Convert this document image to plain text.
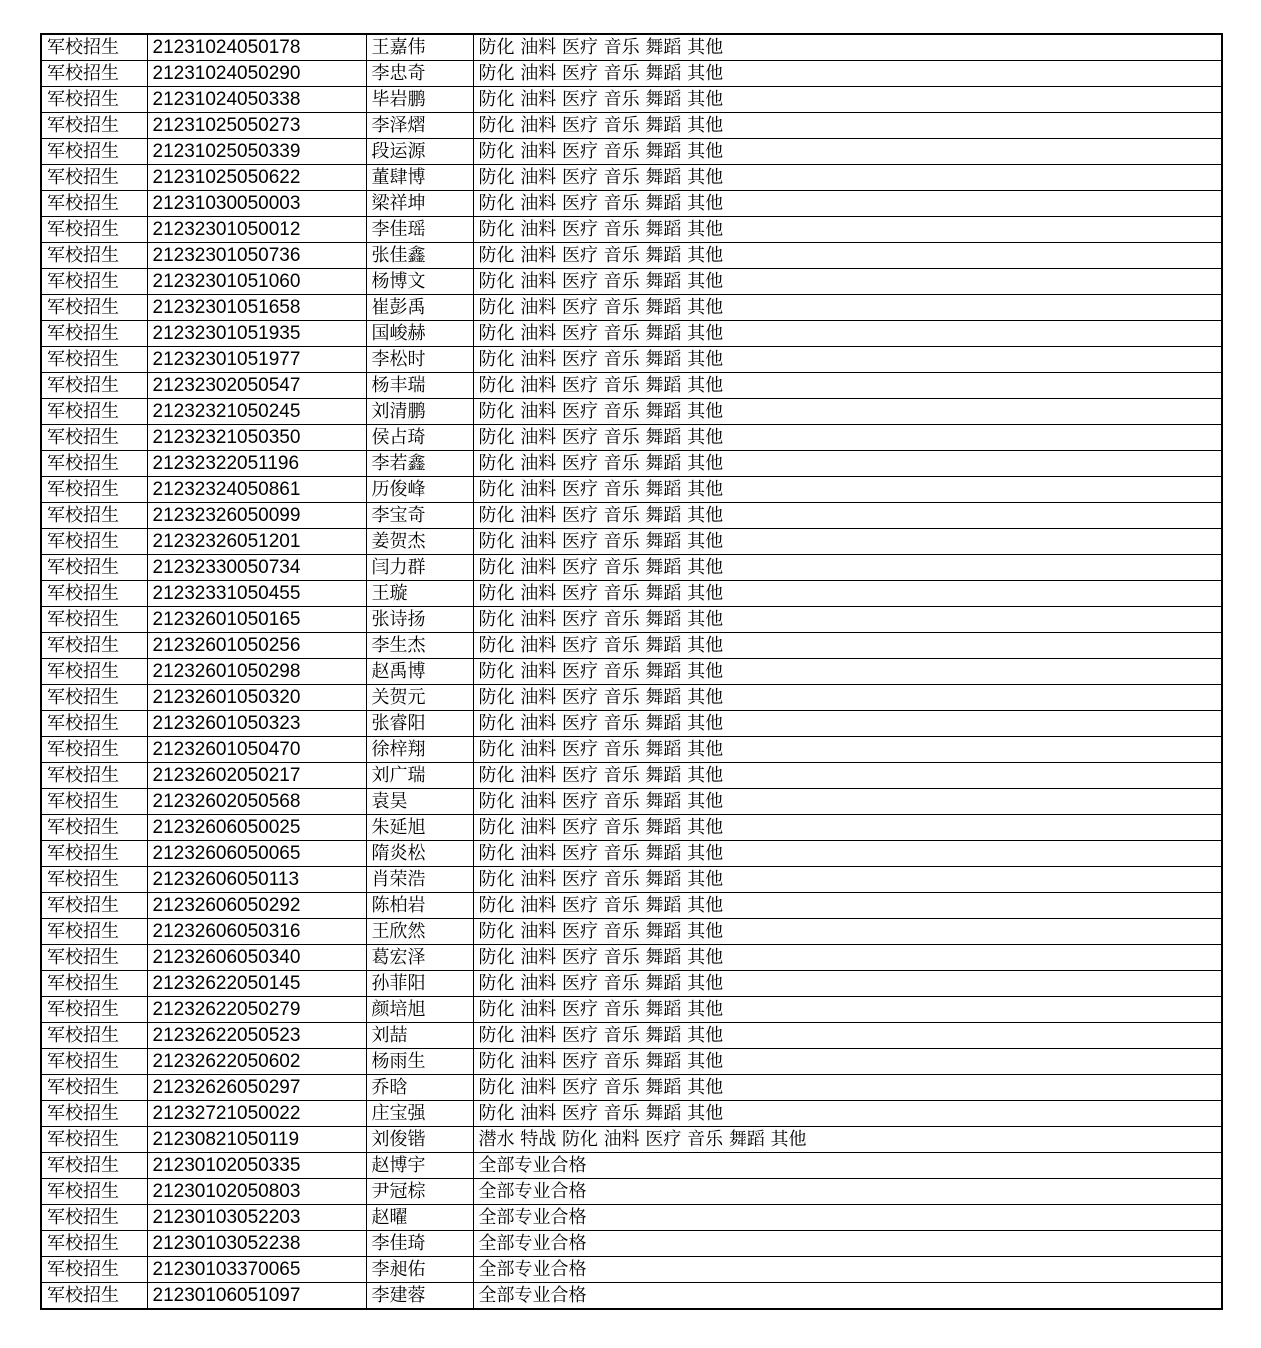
军校招生	21231024050178	王嘉伟	防化 油料 医疗 音乐 舞蹈 其他
军校招生	21231024050290	李忠奇	防化 油料 医疗 音乐 舞蹈 其他
军校招生	21231024050338	毕岩鹏	防化 油料 医疗 音乐 舞蹈 其他
军校招生	21231025050273	李泽熠	防化 油料 医疗 音乐 舞蹈 其他
军校招生	21231025050339	段运源	防化 油料 医疗 音乐 舞蹈 其他
军校招生	21231025050622	董肆博	防化 油料 医疗 音乐 舞蹈 其他
军校招生	21231030050003	梁祥坤	防化 油料 医疗 音乐 舞蹈 其他
军校招生	21232301050012	李佳瑶	防化 油料 医疗 音乐 舞蹈 其他
军校招生	21232301050736	张佳鑫	防化 油料 医疗 音乐 舞蹈 其他
军校招生	21232301051060	杨博文	防化 油料 医疗 音乐 舞蹈 其他
军校招生	21232301051658	崔彭禹	防化 油料 医疗 音乐 舞蹈 其他
军校招生	21232301051935	国峻赫	防化 油料 医疗 音乐 舞蹈 其他
军校招生	21232301051977	李松时	防化 油料 医疗 音乐 舞蹈 其他
军校招生	21232302050547	杨丰瑞	防化 油料 医疗 音乐 舞蹈 其他
军校招生	21232321050245	刘清鹏	防化 油料 医疗 音乐 舞蹈 其他
军校招生	21232321050350	侯占琦	防化 油料 医疗 音乐 舞蹈 其他
军校招生	21232322051196	李若鑫	防化 油料 医疗 音乐 舞蹈 其他
军校招生	21232324050861	历俊峰	防化 油料 医疗 音乐 舞蹈 其他
军校招生	21232326050099	李宝奇	防化 油料 医疗 音乐 舞蹈 其他
军校招生	21232326051201	姜贺杰	防化 油料 医疗 音乐 舞蹈 其他
军校招生	21232330050734	闫力群	防化 油料 医疗 音乐 舞蹈 其他
军校招生	21232331050455	王璇	防化 油料 医疗 音乐 舞蹈 其他
军校招生	21232601050165	张诗扬	防化 油料 医疗 音乐 舞蹈 其他
军校招生	21232601050256	李生杰	防化 油料 医疗 音乐 舞蹈 其他
军校招生	21232601050298	赵禹博	防化 油料 医疗 音乐 舞蹈 其他
军校招生	21232601050320	关贺元	防化 油料 医疗 音乐 舞蹈 其他
军校招生	21232601050323	张睿阳	防化 油料 医疗 音乐 舞蹈 其他
军校招生	21232601050470	徐梓翔	防化 油料 医疗 音乐 舞蹈 其他
军校招生	21232602050217	刘广瑞	防化 油料 医疗 音乐 舞蹈 其他
军校招生	21232602050568	袁昊	防化 油料 医疗 音乐 舞蹈 其他
军校招生	21232606050025	朱延旭	防化 油料 医疗 音乐 舞蹈 其他
军校招生	21232606050065	隋炎松	防化 油料 医疗 音乐 舞蹈 其他
军校招生	21232606050113	肖荣浩	防化 油料 医疗 音乐 舞蹈 其他
军校招生	21232606050292	陈柏岩	防化 油料 医疗 音乐 舞蹈 其他
军校招生	21232606050316	王欣然	防化 油料 医疗 音乐 舞蹈 其他
军校招生	21232606050340	葛宏泽	防化 油料 医疗 音乐 舞蹈 其他
军校招生	21232622050145	孙菲阳	防化 油料 医疗 音乐 舞蹈 其他
军校招生	21232622050279	颜培旭	防化 油料 医疗 音乐 舞蹈 其他
军校招生	21232622050523	刘喆	防化 油料 医疗 音乐 舞蹈 其他
军校招生	21232622050602	杨雨生	防化 油料 医疗 音乐 舞蹈 其他
军校招生	21232626050297	乔晗	防化 油料 医疗 音乐 舞蹈 其他
军校招生	21232721050022	庄宝强	防化 油料 医疗 音乐 舞蹈 其他
军校招生	21230821050119	刘俊锴	潜水 特战 防化 油料 医疗 音乐 舞蹈 其他
军校招生	21230102050335	赵博宇	全部专业合格
军校招生	21230102050803	尹冠棕	全部专业合格
军校招生	21230103052203	赵曜	全部专业合格
军校招生	21230103052238	李佳琦	全部专业合格
军校招生	21230103370065	李昶佑	全部专业合格
军校招生	21230106051097	李建蓉	全部专业合格
